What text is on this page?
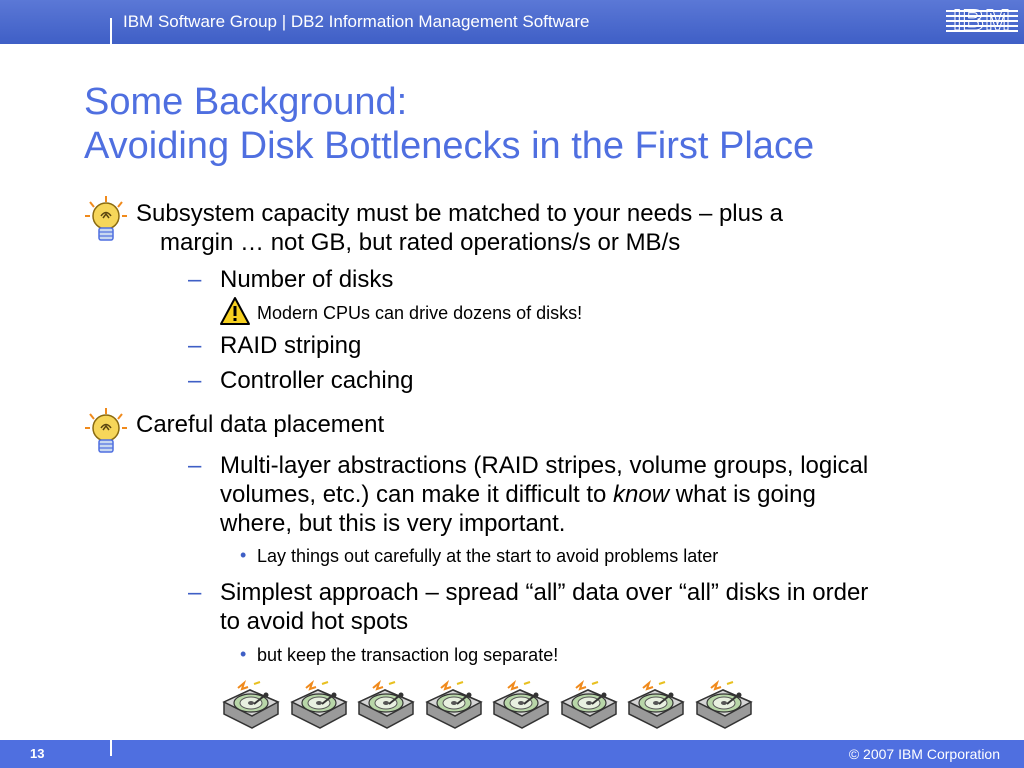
IBM Software Group | DB2 Information Management Software
Some Background:
Avoiding Disk Bottlenecks in the First Place
Subsystem capacity must be matched to your needs – plus a
margin … not GB, but rated operations/s or MB/s
– Number of disks
Modern CPUs can drive dozens of disks!
– RAID striping
– Controller caching
Careful data placement
– Multi-layer abstractions (RAID stripes, volume groups, logical
volumes, etc.) can make it difficult to know what is going
where, but this is very important.
• Lay things out carefully at the start to avoid problems later
– Simplest approach – spread “all” data over “all” disks in order
to avoid hot spots
• but keep the transaction log separate!
13	© 2007 IBM Corporation
